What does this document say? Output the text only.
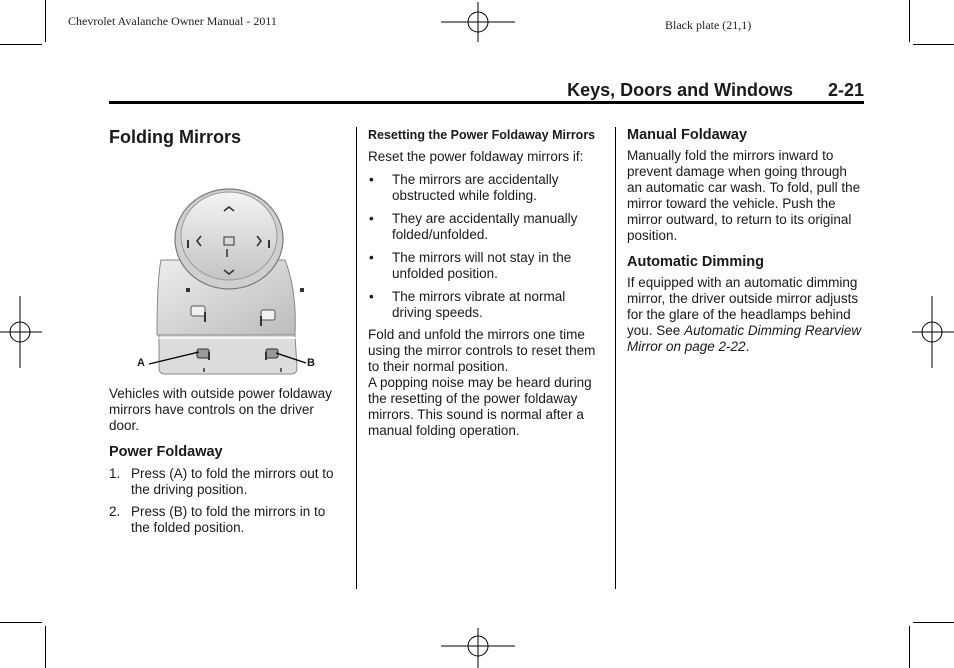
Chevrolet Avalanche Owner Manual - 2011	Black plate (21,1)
Keys, Doors and Windows 2-21
Folding Mirrors
A	B
Vehicles with outside power foldaway mirrors have controls on the driver door.
Power Foldaway
1. Press (A) to fold the mirrors out to the driving position.
2. Press (B) to fold the mirrors in to the folded position.
Resetting the Power Foldaway Mirrors
Reset the power foldaway mirrors if:
•	The mirrors are accidentally obstructed while folding.
•	They are accidentally manually folded/unfolded.
•	The mirrors will not stay in the unfolded position.
•	The mirrors vibrate at normal driving speeds.
Fold and unfold the mirrors one time using the mirror controls to reset them to their normal position.
A popping noise may be heard during the resetting of the power foldaway mirrors. This sound is normal after a manual folding operation.
Manual Foldaway
Manually fold the mirrors inward to prevent damage when going through an automatic car wash. To fold, pull the mirror toward the vehicle. Push the mirror outward, to return to its original position.
Automatic Dimming
If equipped with an automatic dimming mirror, the driver outside mirror adjusts for the glare of the headlamps behind you. See Automatic Dimming Rearview Mirror on page 2-22.
